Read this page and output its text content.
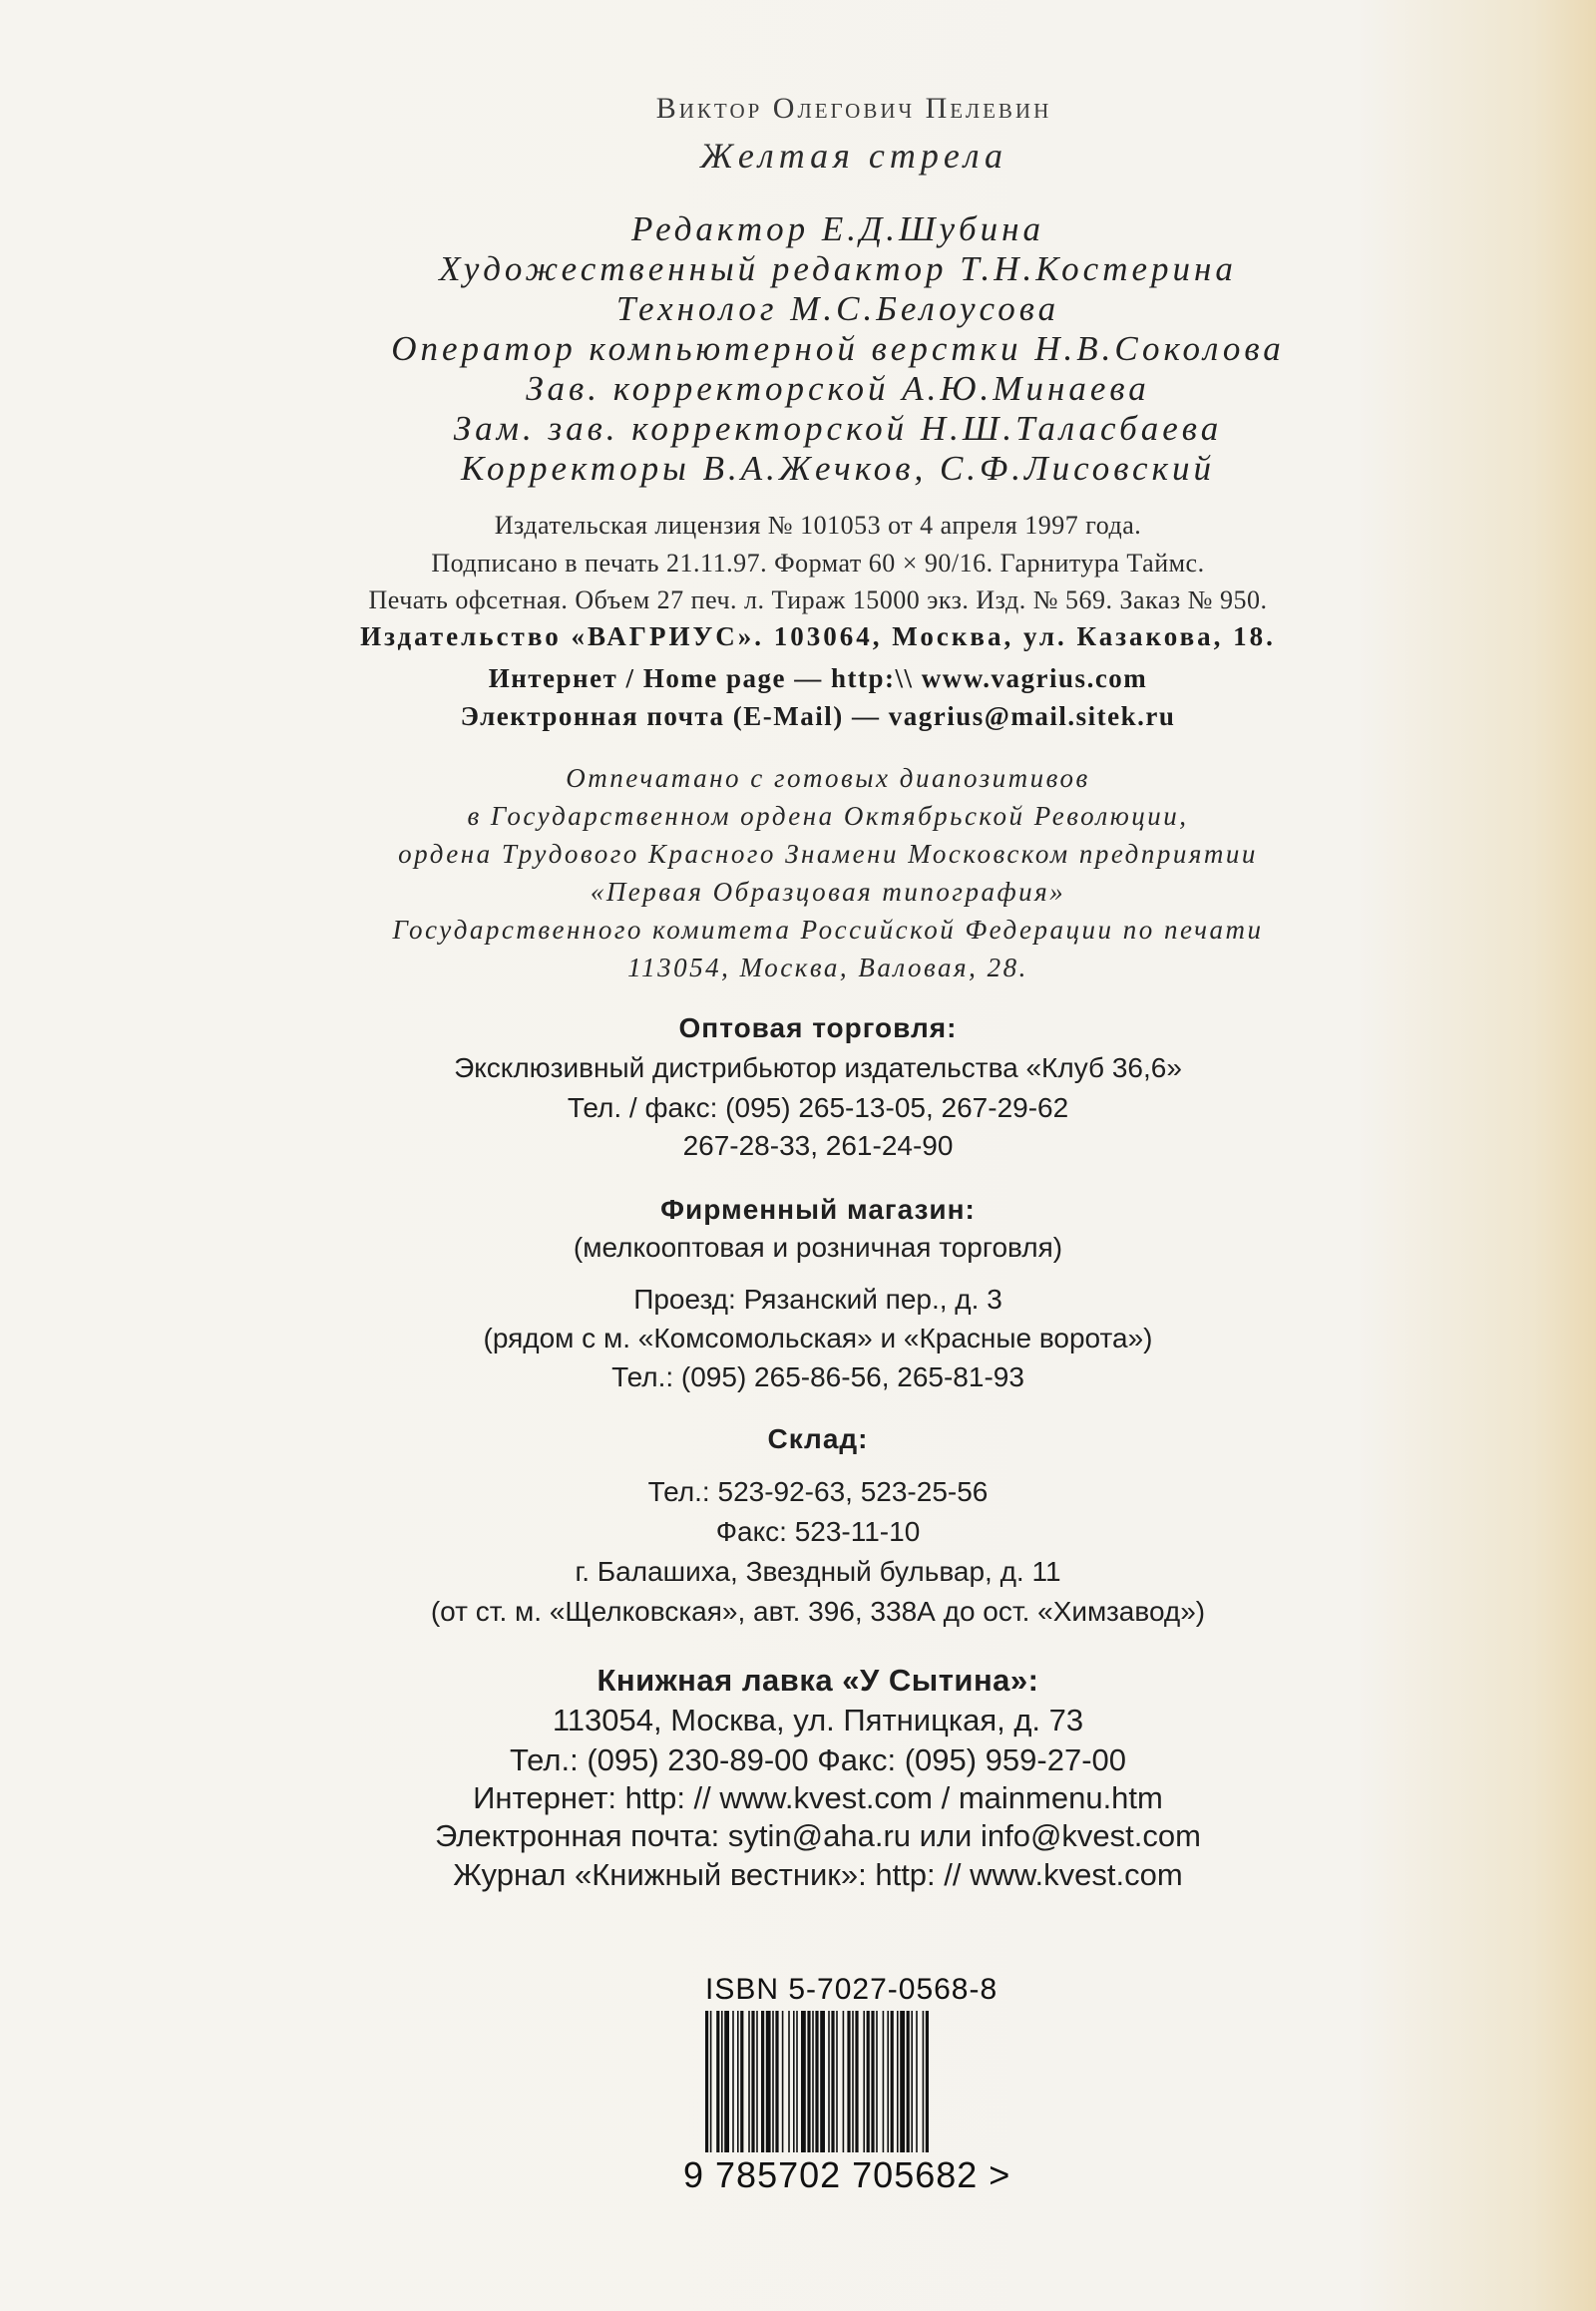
Виктор Олегович Пелевин
Желтая стрела
Редактор Е.Д.Шубина
Художественный редактор Т.Н.Костерина
Технолог М.С.Белоусова
Оператор компьютерной верстки Н.В.Соколова
Зав. корректорской А.Ю.Минаева
Зам. зав. корректорской Н.Ш.Таласбаева
Корректоры В.А.Жечков, С.Ф.Лисовский
Издательская лицензия № 101053 от 4 апреля 1997 года.
Подписано в печать 21.11.97. Формат 60 × 90/16. Гарнитура Таймс.
Печать офсетная. Объем 27 печ. л. Тираж 15000 экз. Изд. № 569. Заказ № 950.
Издательство «ВАГРИУС». 103064, Москва, ул. Казакова, 18.
Интернет / Home page — http:\\ www.vagrius.com
Электронная почта (E-Mail) — vagrius@mail.sitek.ru
Отпечатано с готовых диапозитивов
в Государственном ордена Октябрьской Революции,
ордена Трудового Красного Знамени Московском предприятии
«Первая Образцовая типография»
Государственного комитета Российской Федерации по печати
113054, Москва, Валовая, 28.
Оптовая торговля:
Эксклюзивный дистрибьютор издательства «Клуб 36,6»
Тел. / факс: (095) 265-13-05, 267-29-62
267-28-33, 261-24-90
Фирменный магазин:
(мелкооптовая и розничная торговля)
Проезд: Рязанский пер., д. 3
(рядом с м. «Комсомольская» и «Красные ворота»)
Тел.: (095) 265-86-56, 265-81-93
Склад:
Тел.: 523-92-63, 523-25-56
Факс: 523-11-10
г. Балашиха, Звездный бульвар, д. 11
(от ст. м. «Щелковская», авт. 396, 338А до ост. «Химзавод»)
Книжная лавка «У Сытина»:
113054, Москва, ул. Пятницкая, д. 73
Тел.: (095) 230-89-00 Факс: (095) 959-27-00
Интернет: http: // www.kvest.com / mainmenu.htm
Электронная почта: sytin@aha.ru или info@kvest.com
Журнал «Книжный вестник»: http: // www.kvest.com
ISBN 5-7027-0568-8
9 785702 705682 >
